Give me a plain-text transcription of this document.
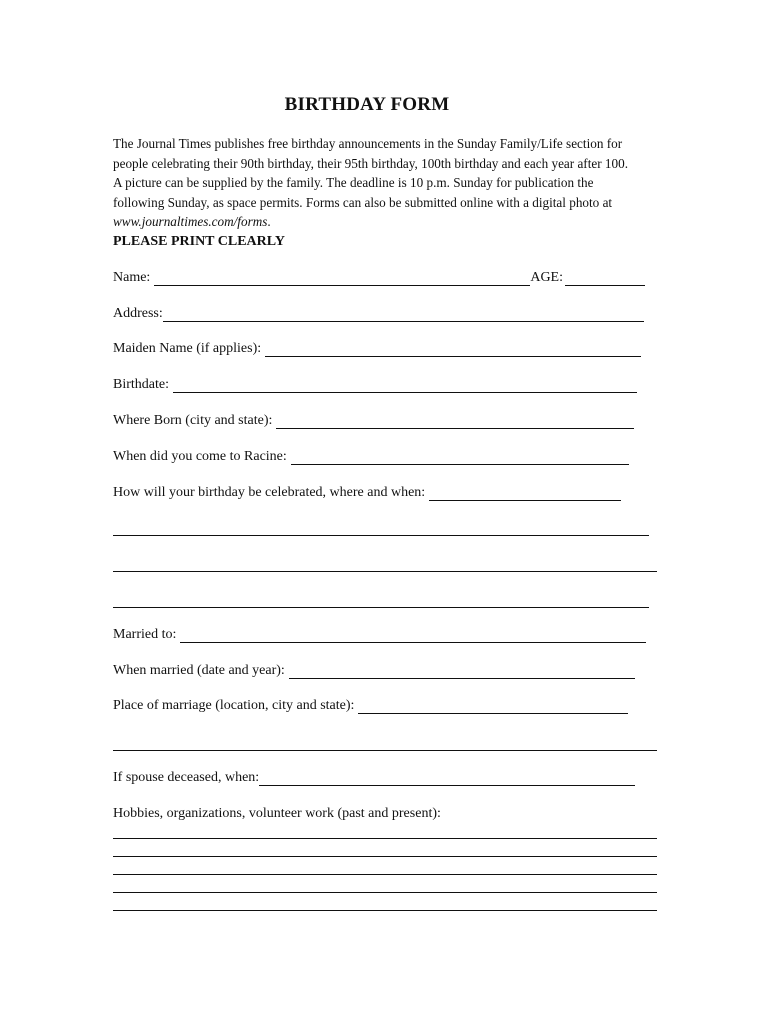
BIRTHDAY FORM
The Journal Times publishes free birthday announcements in the Sunday Family/Life section for
people celebrating their 90th birthday, their 95th birthday, 100th birthday and each year after 100.
A picture can be supplied by the family. The deadline is 10 p.m. Sunday for publication the
following Sunday, as space permits. Forms can also be submitted online with a digital photo at
www.journaltimes.com/forms.
PLEASE PRINT CLEARLY
Name:	AGE:
Address:
Maiden Name (if applies):
Birthdate:
Where Born (city and state):
When did you come to Racine:
How will your birthday be celebrated, where and when:
Married to:
When married (date and year):
Place of marriage (location, city and state):
If spouse deceased, when:
Hobbies, organizations, volunteer work (past and present):
